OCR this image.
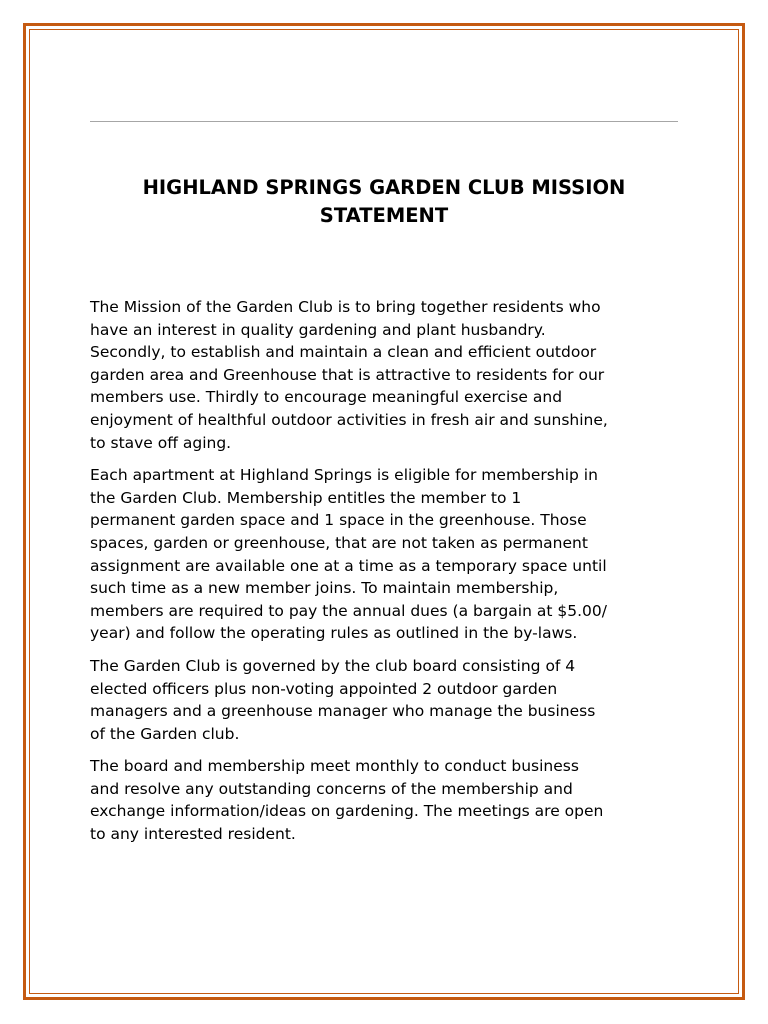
HIGHLAND SPRINGS GARDEN CLUB MISSION
STATEMENT

The Mission of the Garden Club is to bring together residents who
have an interest in quality gardening and plant husbandry.
Secondly, to establish and maintain a clean and efficient outdoor
garden area and Greenhouse that is attractive to residents for our
members use. Thirdly to encourage meaningful exercise and
enjoyment of healthful outdoor activities in fresh air and sunshine,
to stave off aging.

Each apartment at Highland Springs is eligible for membership in
the Garden Club. Membership entitles the member to 1
permanent garden space and 1 space in the greenhouse. Those
spaces, garden or greenhouse, that are not taken as permanent
assignment are available one at a time as a temporary space until
such time as a new member joins. To maintain membership,
members are required to pay the annual dues (a bargain at $5.00/
year) and follow the operating rules as outlined in the by-laws.

The Garden Club is governed by the club board consisting of 4
elected officers plus non-voting appointed 2 outdoor garden
managers and a greenhouse manager who manage the business
of the Garden club.

The board and membership meet monthly to conduct business
and resolve any outstanding concerns of the membership and
exchange information/ideas on gardening. The meetings are open
to any interested resident.
